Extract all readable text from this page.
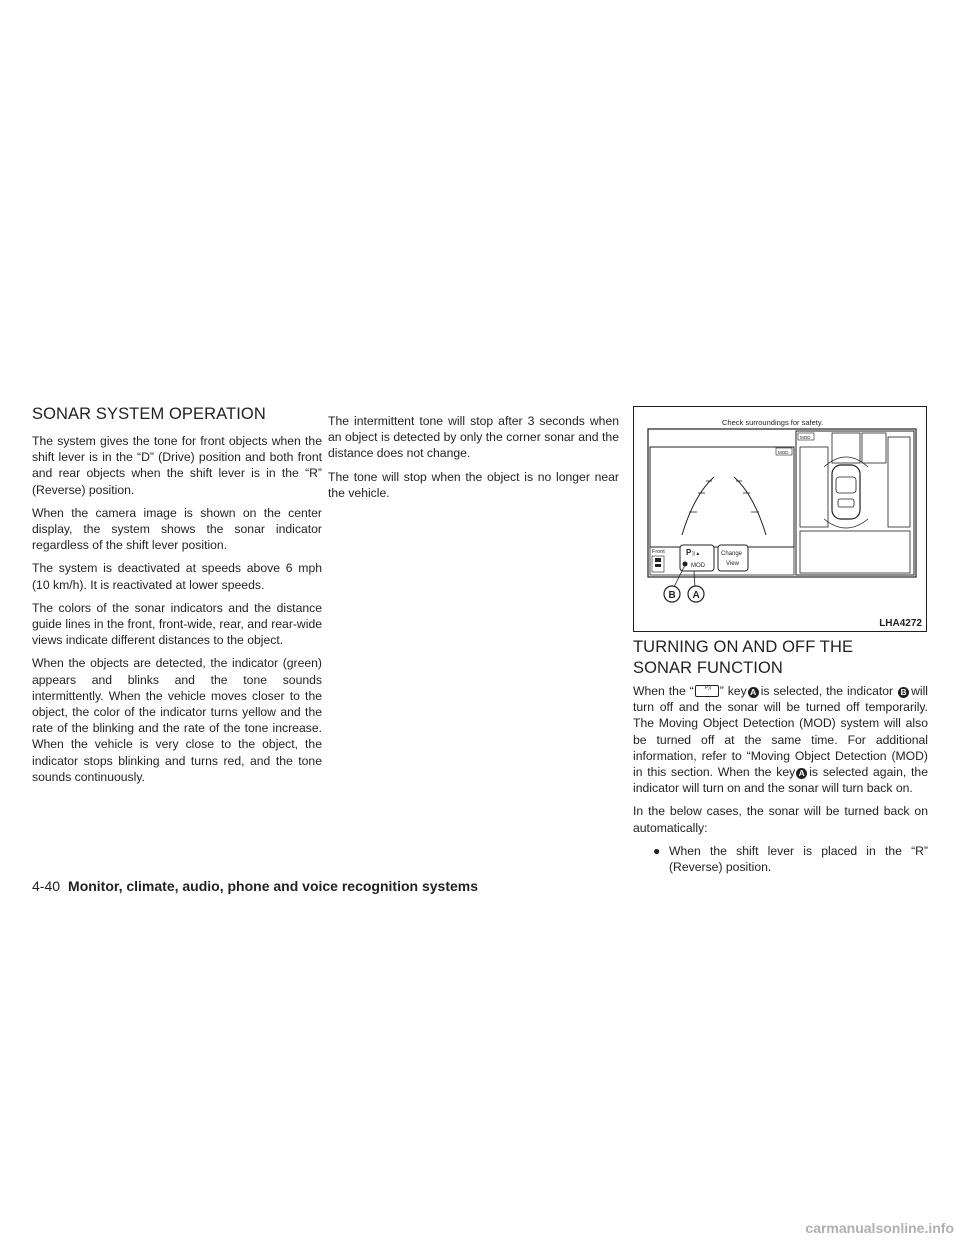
SONAR SYSTEM OPERATION

The system gives the tone for front objects when the shift lever is in the “D” (Drive) position and both front and rear objects when the shift lever is in the “R” (Reverse) position.

When the camera image is shown on the center display, the system shows the sonar indicator regardless of the shift lever position.

The system is deactivated at speeds above 6 mph (10 km/h). It is reactivated at lower speeds.

The colors of the sonar indicators and the distance guide lines in the front, front-wide, rear, and rear-wide views indicate different distances to the object.

When the objects are detected, the indicator (green) appears and blinks and the tone sounds intermittently. When the vehicle moves closer to the object, the color of the indicator turns yellow and the rate of the blinking and the rate of the tone increase. When the vehicle is very close to the object, the indicator stops blinking and turns red, and the tone sounds continuously.

The intermittent tone will stop after 3 seconds when an object is detected by only the corner sonar and the distance does not change.

The tone will stop when the object is no longer near the vehicle.

Check surroundings for safety.
MOD
MOD
Front	P ))▲
MOD
Change
View
B A
LHA4272
TURNING ON AND OFF THE
SONAR FUNCTION

When the “ P)) ” key A is selected, the indicator B will turn off and the sonar will be turned off temporarily. The Moving Object Detection (MOD) system will also be turned off at the same time. For additional information, refer to “Moving Object Detection (MOD) in this section. When the key A is selected again, the indicator will turn on and the sonar will turn back on.

In the below cases, the sonar will be turned back on automatically:

● When the shift lever is placed in the “R” (Reverse) position.

4-40 Monitor, climate, audio, phone and voice recognition systems
carmanualsonline.info
